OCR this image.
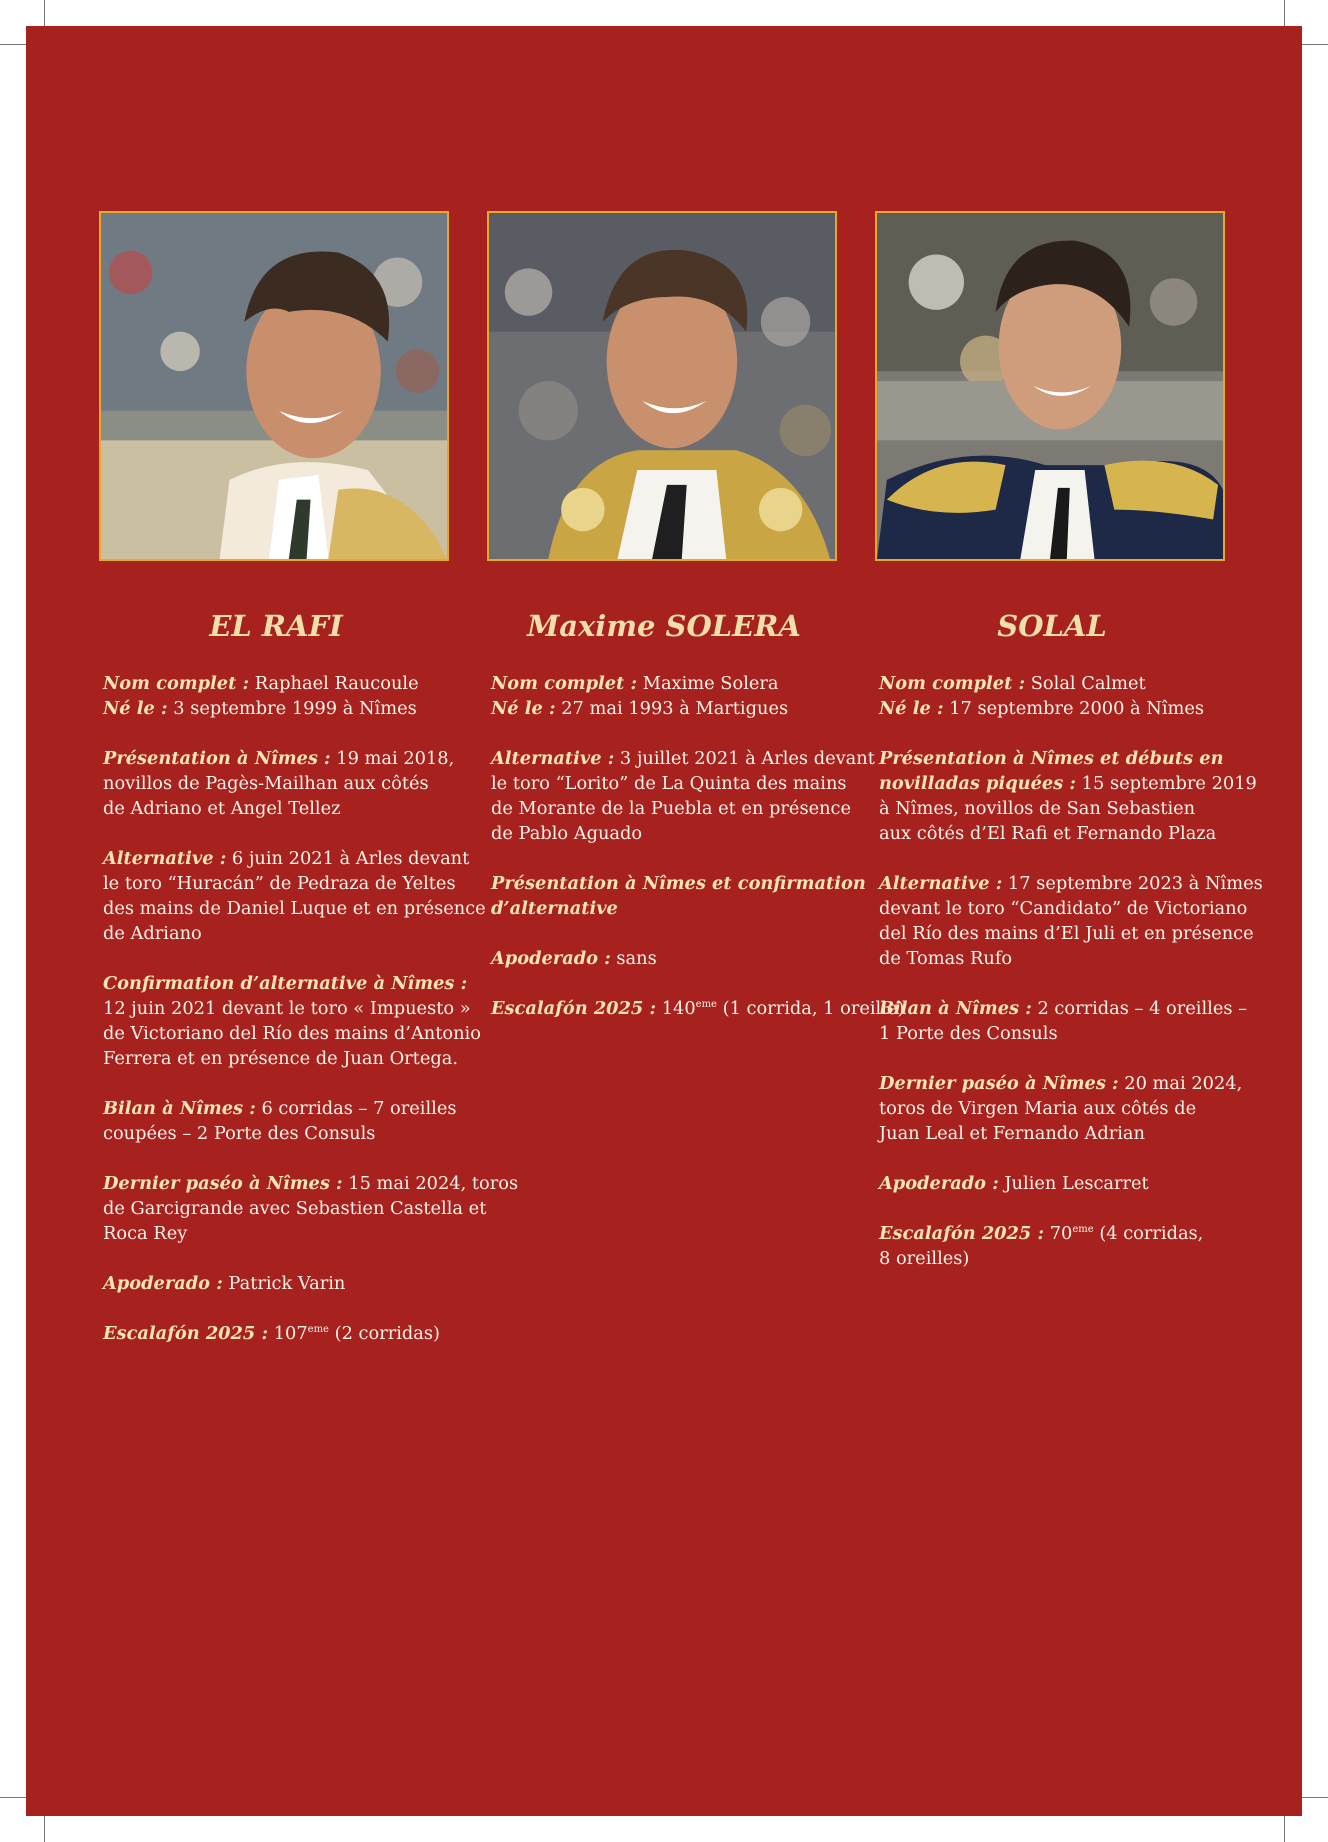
EL RAFI
Nom complet : Raphael Raucoule
Né le : 3 septembre 1999 à Nîmes
Présentation à Nîmes : 19 mai 2018,
novillos de Pagès-Mailhan aux côtés
de Adriano et Angel Tellez
Alternative : 6 juin 2021 à Arles devant
le toro “Huracán” de Pedraza de Yeltes
des mains de Daniel Luque et en présence
de Adriano
Confirmation d’alternative à Nîmes :
12 juin 2021 devant le toro « Impuesto »
de Victoriano del Río des mains d’Antonio
Ferrera et en présence de Juan Ortega.
Bilan à Nîmes : 6 corridas – 7 oreilles
coupées – 2 Porte des Consuls
Dernier paséo à Nîmes : 15 mai 2024, toros
de Garcigrande avec Sebastien Castella et
Roca Rey
Apoderado : Patrick Varin
Escalafón 2025 : 107eme (2 corridas)
Maxime SOLERA
Nom complet : Maxime Solera
Né le : 27 mai 1993 à Martigues
Alternative : 3 juillet 2021 à Arles devant
le toro “Lorito” de La Quinta des mains
de Morante de la Puebla et en présence
de Pablo Aguado
Présentation à Nîmes et confirmation
d’alternative
Apoderado : sans
Escalafón 2025 : 140eme (1 corrida, 1 oreille)
SOLAL
Nom complet : Solal Calmet
Né le : 17 septembre 2000 à Nîmes
Présentation à Nîmes et débuts en
novilladas piquées : 15 septembre 2019
à Nîmes, novillos de San Sebastien
aux côtés d’El Rafi et Fernando Plaza
Alternative : 17 septembre 2023 à Nîmes
devant le toro “Candidato” de Victoriano
del Río des mains d’El Juli et en présence
de Tomas Rufo
Bilan à Nîmes : 2 corridas – 4 oreilles –
1 Porte des Consuls
Dernier paséo à Nîmes : 20 mai 2024,
toros de Virgen Maria aux côtés de
Juan Leal et Fernando Adrian
Apoderado : Julien Lescarret
Escalafón 2025 : 70eme (4 corridas,
8 oreilles)
